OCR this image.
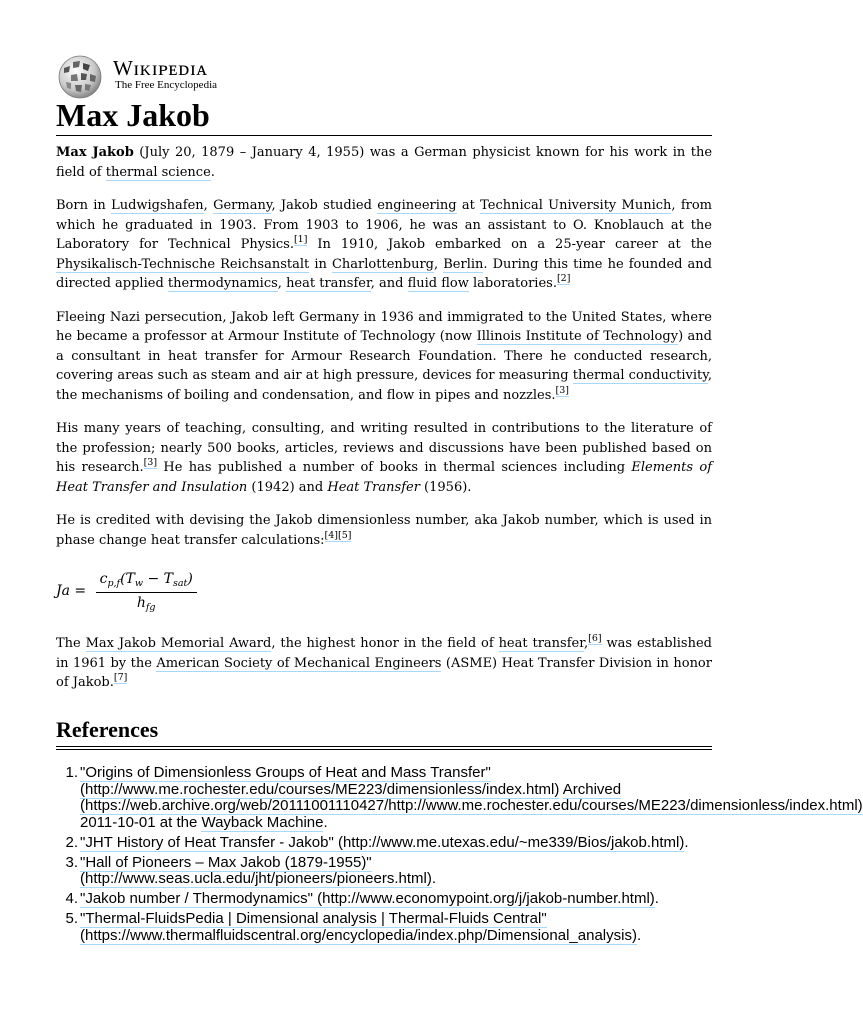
Wɪᴋɪᴘᴇᴅɪᴀ
The Free Encyclopedia
Max Jakob

Max Jakob (July 20, 1879 – January 4, 1955) was a German physicist known for his work in the field of thermal science.

Born in Ludwigshafen, Germany, Jakob studied engineering at Technical University Munich, from which he graduated in 1903. From 1903 to 1906, he was an assistant to O. Knoblauch at the Laboratory for Technical Physics.[1] In 1910, Jakob embarked on a 25-year career at the Physikalisch-Technische Reichsanstalt in Charlottenburg, Berlin. During this time he founded and directed applied thermodynamics, heat transfer, and fluid flow laboratories.[2]

Fleeing Nazi persecution, Jakob left Germany in 1936 and immigrated to the United States, where he became a professor at Armour Institute of Technology (now Illinois Institute of Technology) and a consultant in heat transfer for Armour Research Foundation. There he conducted research, covering areas such as steam and air at high pressure, devices for measuring thermal conductivity, the mechanisms of boiling and condensation, and flow in pipes and nozzles.[3]

His many years of teaching, consulting, and writing resulted in contributions to the literature of the profession; nearly 500 books, articles, reviews and discussions have been published based on his research.[3] He has published a number of books in thermal sciences including Elements of Heat Transfer and Insulation (1942) and Heat Transfer (1956).

He is credited with devising the Jakob dimensionless number, aka Jakob number, which is used in phase change heat transfer calculations:[4][5]

$Ja = \frac{c_{p,f}(T_w - T_{sat})}{h_{fg}}$

The Max Jakob Memorial Award, the highest honor in the field of heat transfer,[6] was established in 1961 by the American Society of Mechanical Engineers (ASME) Heat Transfer Division in honor of Jakob.[7]

References
1. "Origins of Dimensionless Groups of Heat and Mass Transfer" (http://www.me.rochester.edu/courses/ME223/dimensionless/index.html) Archived (https://web.archive.org/web/20111001110427/http://www.me.rochester.edu/courses/ME223/dimensionless/index.html) 2011-10-01 at the Wayback Machine.
2. "JHT History of Heat Transfer - Jakob" (http://www.me.utexas.edu/~me339/Bios/jakob.html).
3. "Hall of Pioneers – Max Jakob (1879-1955)" (http://www.seas.ucla.edu/jht/pioneers/pioneers.html).
4. "Jakob number / Thermodynamics" (http://www.economypoint.org/j/jakob-number.html).
5. "Thermal-FluidsPedia | Dimensional analysis | Thermal-Fluids Central" (https://www.thermalfluidscentral.org/encyclopedia/index.php/Dimensional_analysis).
